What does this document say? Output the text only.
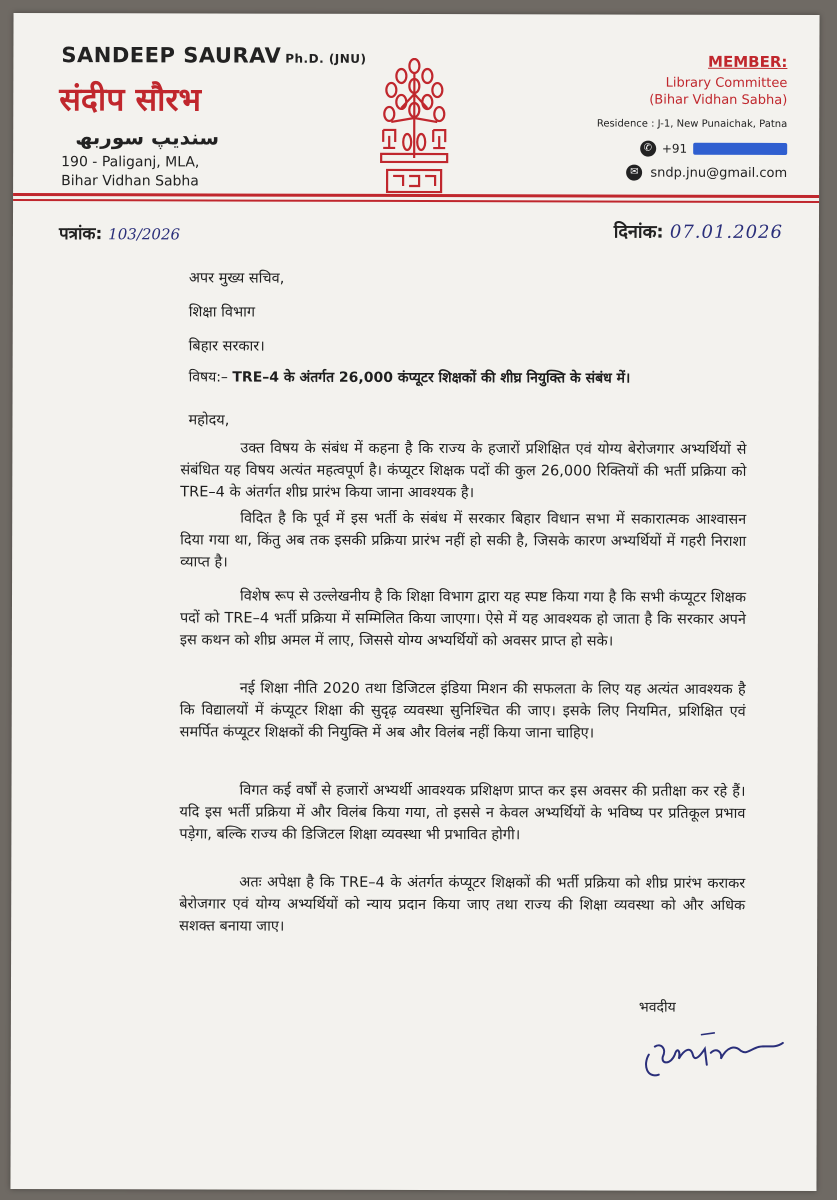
SANDEEP SAURAV Ph.D. (JNU)
संदीप सौरभ
سندیپ سوربھ
190 - Paliganj, MLA,
Bihar Vidhan Sabha
MEMBER:
Library Committee
(Bihar Vidhan Sabha)
Residence : J-1, New Punaichak, Patna
✆ +91
✉ sndp.jnu@gmail.com
पत्रांक: 103/2026	दिनांक: 07.01.2026
अपर मुख्य सचिव,
शिक्षा विभाग
बिहार सरकार।
विषय:– TRE–4 के अंतर्गत 26,000 कंप्यूटर शिक्षकों की शीघ्र नियुक्ति के संबंध में।
महोदय,
उक्त विषय के संबंध में कहना है कि राज्य के हजारों प्रशिक्षित एवं योग्य बेरोजगार अभ्यर्थियों से संबंधित यह विषय अत्यंत महत्वपूर्ण है। कंप्यूटर शिक्षक पदों की कुल 26,000 रिक्तियों की भर्ती प्रक्रिया को TRE–4 के अंतर्गत शीघ्र प्रारंभ किया जाना आवश्यक है।
विदित है कि पूर्व में इस भर्ती के संबंध में सरकार बिहार विधान सभा में सकारात्मक आश्वासन दिया गया था, किंतु अब तक इसकी प्रक्रिया प्रारंभ नहीं हो सकी है, जिसके कारण अभ्यर्थियों में गहरी निराशा व्याप्त है।
विशेष रूप से उल्लेखनीय है कि शिक्षा विभाग द्वारा यह स्पष्ट किया गया है कि सभी कंप्यूटर शिक्षक पदों को TRE–4 भर्ती प्रक्रिया में सम्मिलित किया जाएगा। ऐसे में यह आवश्यक हो जाता है कि सरकार अपने इस कथन को शीघ्र अमल में लाए, जिससे योग्य अभ्यर्थियों को अवसर प्राप्त हो सके।
नई शिक्षा नीति 2020 तथा डिजिटल इंडिया मिशन की सफलता के लिए यह अत्यंत आवश्यक है कि विद्यालयों में कंप्यूटर शिक्षा की सुदृढ़ व्यवस्था सुनिश्चित की जाए। इसके लिए नियमित, प्रशिक्षित एवं समर्पित कंप्यूटर शिक्षकों की नियुक्ति में अब और विलंब नहीं किया जाना चाहिए।
विगत कई वर्षों से हजारों अभ्यर्थी आवश्यक प्रशिक्षण प्राप्त कर इस अवसर की प्रतीक्षा कर रहे हैं। यदि इस भर्ती प्रक्रिया में और विलंब किया गया, तो इससे न केवल अभ्यर्थियों के भविष्य पर प्रतिकूल प्रभाव पड़ेगा, बल्कि राज्य की डिजिटल शिक्षा व्यवस्था भी प्रभावित होगी।
अतः अपेक्षा है कि TRE–4 के अंतर्गत कंप्यूटर शिक्षकों की भर्ती प्रक्रिया को शीघ्र प्रारंभ कराकर बेरोजगार एवं योग्य अभ्यर्थियों को न्याय प्रदान किया जाए तथा राज्य की शिक्षा व्यवस्था को और अधिक सशक्त बनाया जाए।
भवदीय
